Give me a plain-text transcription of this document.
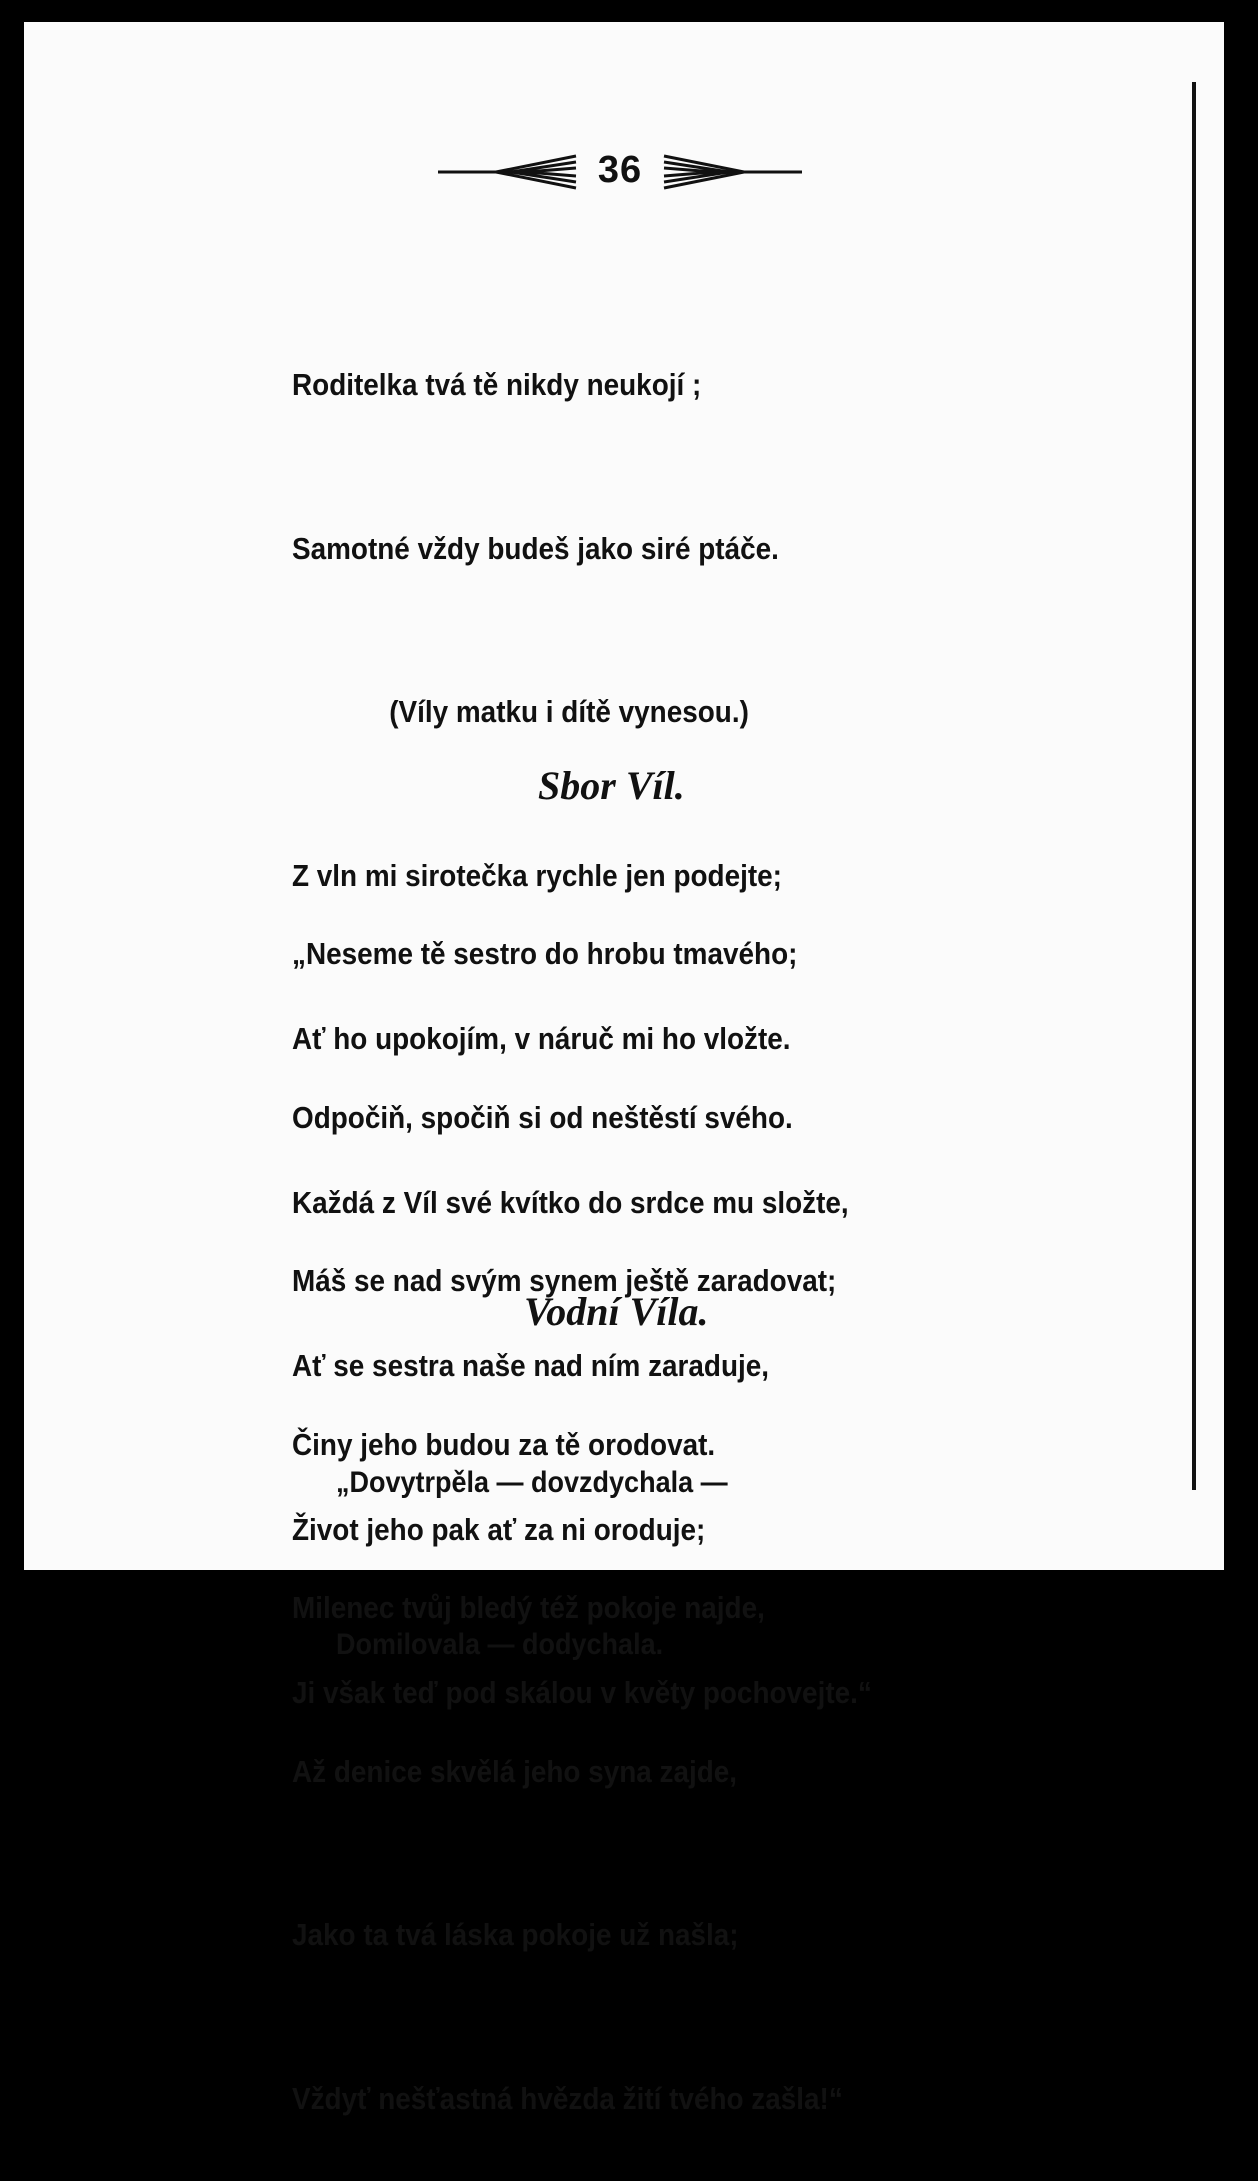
36

Roditelka tvá tě nikdy neukojí ;

Samotné vždy budeš jako siré ptáče.

(Víly matku i dítě vynesou.)

Z vln mi sirotečka rychle jen podejte;

Ať ho upokojím, v náruč mi ho vložte.

Každá z Víl své kvítko do srdce mu složte,

Ať se sestra naše nad ním zaraduje,

Život jeho pak ať za ni oroduje;

Ji však teď pod skálou v květy pochovejte.“

Sbor Víl.

„Neseme tě sestro do hrobu tmavého;

Odpočiň, spočiň si od neštěstí svého.

Máš se nad svým synem ještě zaradovat;

Činy jeho budou za tě orodovat.

Milenec tvůj bledý též pokoje najde,

Až denice skvělá jeho syna zajde,

Jako ta tvá láska pokoje už našla;

Vždyť nešťastná hvězda žití tvého zašla!“

Vodní Víla.

„Dovytrpěla — dovzdychala —

Domilovala — dodychala.
